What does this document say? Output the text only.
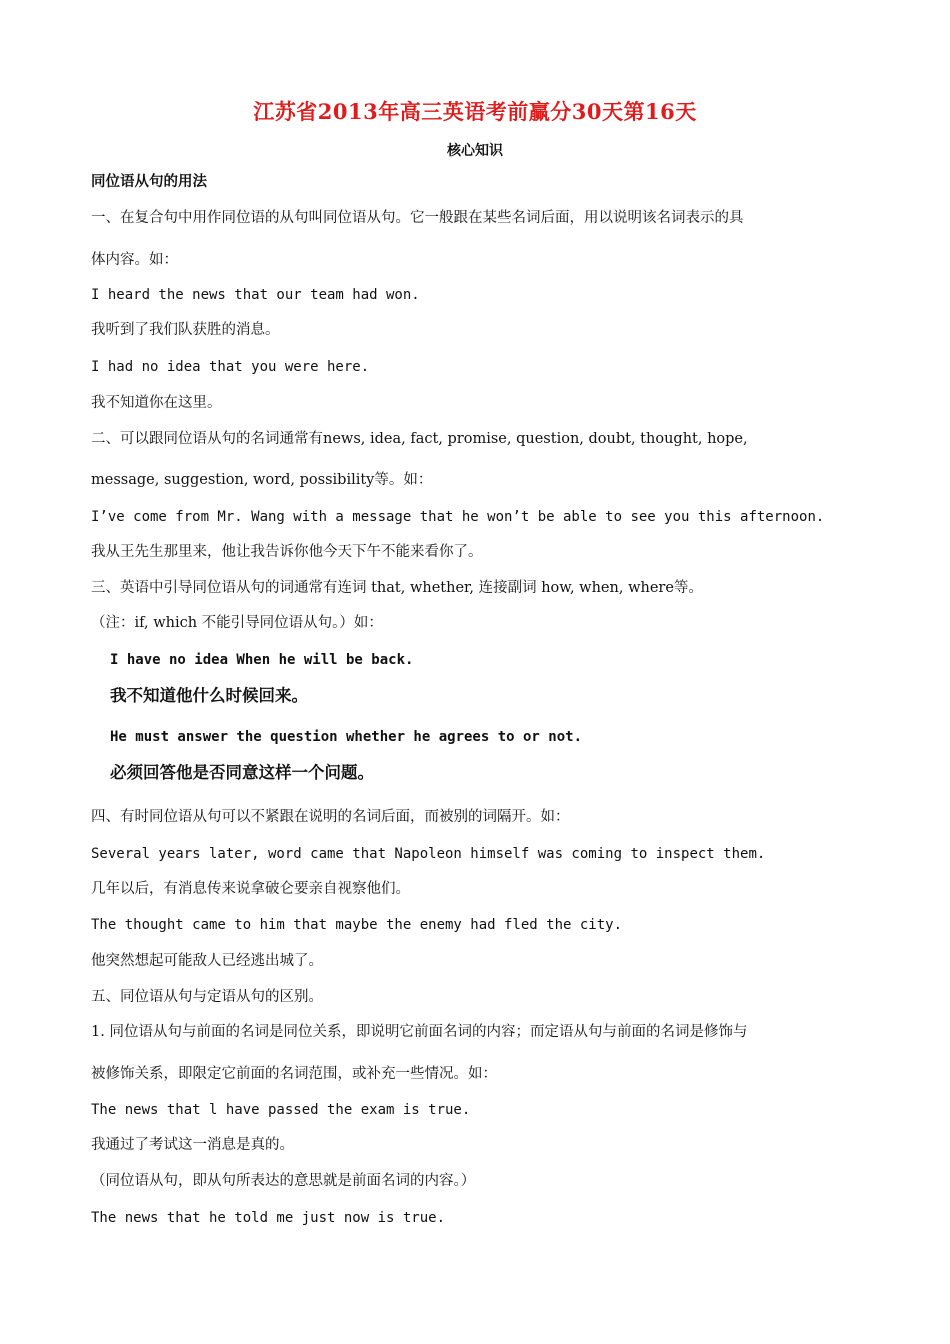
江苏省2013年高三英语考前赢分30天第16天
核心知识
同位语从句的用法
一、在复合句中用作同位语的从句叫同位语从句。它一般跟在某些名词后面，用以说明该名词表示的具
体内容。如：
I heard the news that our team had won.
我听到了我们队获胜的消息。
I had no idea that you were here.
我不知道你在这里。
二、可以跟同位语从句的名词通常有news, idea, fact, promise, question, doubt, thought, hope,
message, suggestion, word, possibility等。如：
I’ve come from Mr. Wang with a message that he won’t be able to see you this afternoon.
我从王先生那里来，他让我告诉你他今天下午不能来看你了。
三、英语中引导同位语从句的词通常有连词 that, whether, 连接副词 how, when, where等。
（注：if, which 不能引导同位语从句。）如：
I have no idea When he will be back.
我不知道他什么时候回来。
He must answer the question whether he agrees to or not.
必须回答他是否同意这样一个问题。
四、有时同位语从句可以不紧跟在说明的名词后面，而被别的词隔开。如：
Several years later, word came that Napoleon himself was coming to inspect them.
几年以后，有消息传来说拿破仑要亲自视察他们。
The thought came to him that maybe the enemy had fled the city.
他突然想起可能敌人已经逃出城了。
五、同位语从句与定语从句的区别。
1. 同位语从句与前面的名词是同位关系，即说明它前面名词的内容；而定语从句与前面的名词是修饰与
被修饰关系，即限定它前面的名词范围，或补充一些情况。如：
The news that l have passed the exam is true.
我通过了考试这一消息是真的。
（同位语从句，即从句所表达的意思就是前面名词的内容。）
The news that he told me just now is true.
